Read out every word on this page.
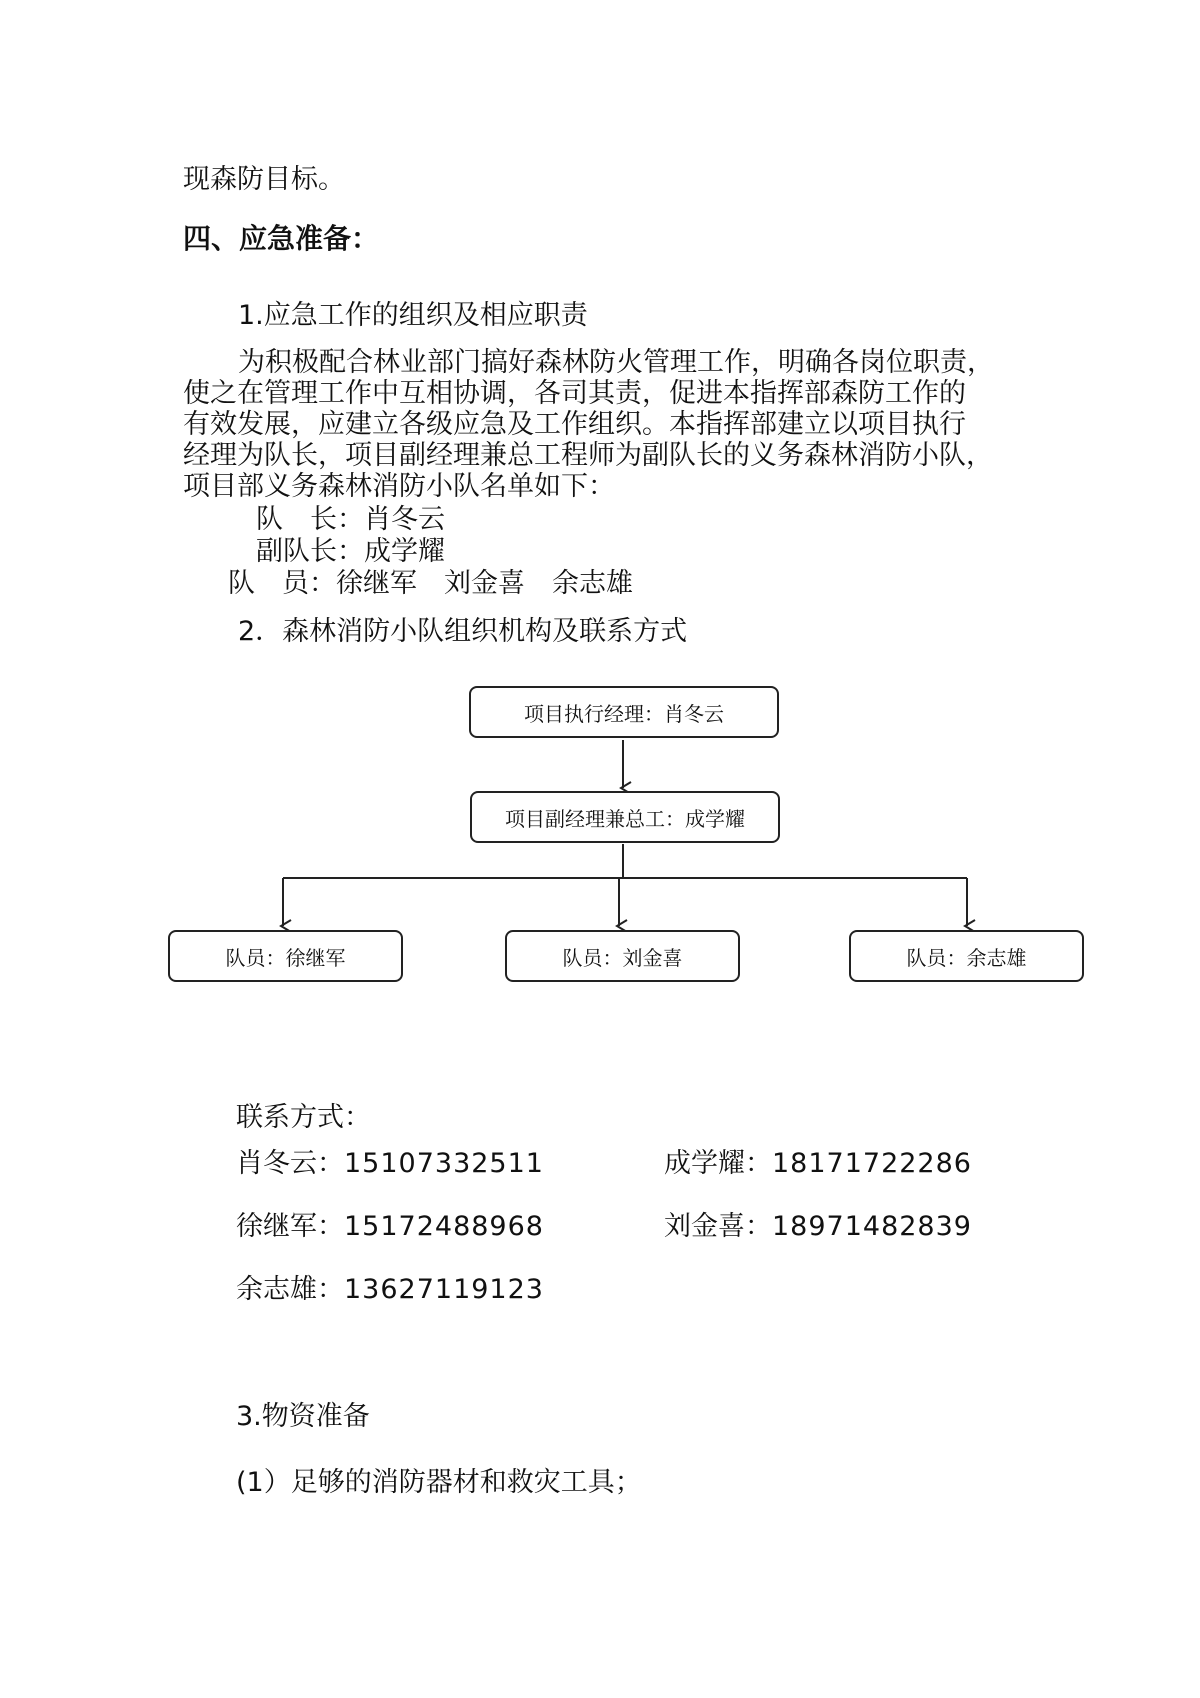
现森防目标。
四、应急准备：
1.应急工作的组织及相应职责
为积极配合林业部门搞好森林防火管理工作，明确各岗位职责，
使之在管理工作中互相协调，各司其责，促进本指挥部森防工作的
有效发展，应建立各级应急及工作组织。本指挥部建立以项目执行
经理为队长，项目副经理兼总工程师为副队长的义务森林消防小队，
项目部义务森林消防小队名单如下：
队　长：肖冬云
副队长：成学耀
队　员：徐继军　刘金喜　余志雄
2．森林消防小队组织机构及联系方式
项目执行经理：肖冬云
项目副经理兼总工：成学耀
队员：徐继军	队员：刘金喜	队员：余志雄
联系方式：
肖冬云：15107332511	成学耀：18171722286
徐继军：15172488968	刘金喜：18971482839
余志雄：13627119123
3.物资准备
(1）足够的消防器材和救灾工具；
